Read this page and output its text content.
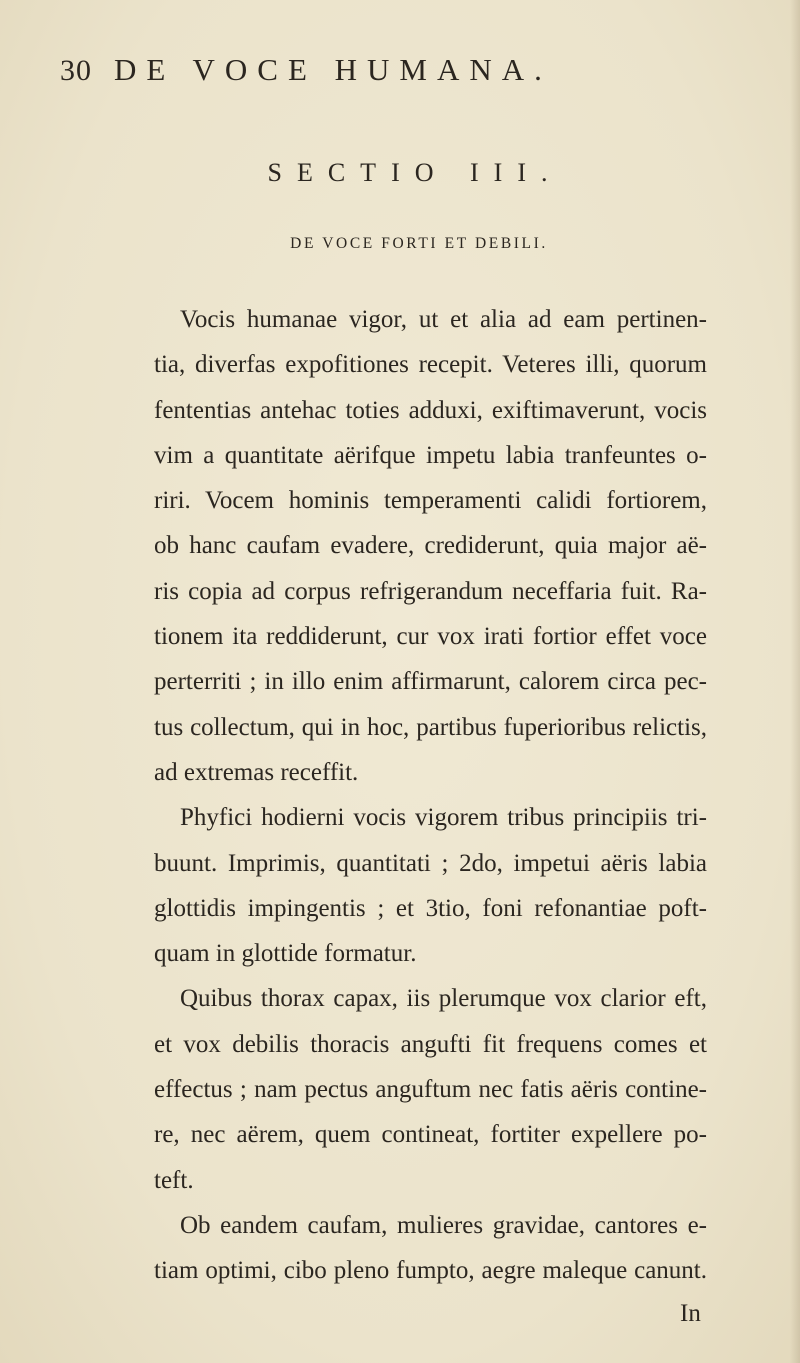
30 DE VOCE HUMANA.
SECTIO III.
DE VOCE FORTI ET DEBILI.
Vocis humanae vigor, ut et alia ad eam pertinen-
tia, diverfas expofitiones recepit. Veteres illi, quorum
fententias antehac toties adduxi, exiftimaverunt, vocis
vim a quantitate aërifque impetu labia tranfeuntes o-
riri. Vocem hominis temperamenti calidi fortiorem,
ob hanc caufam evadere, crediderunt, quia major aë-
ris copia ad corpus refrigerandum neceffaria fuit. Ra-
tionem ita reddiderunt, cur vox irati fortior effet voce
perterriti ; in illo enim affirmarunt, calorem circa pec-
tus collectum, qui in hoc, partibus fuperioribus relictis,
ad extremas receffit.
Phyfici hodierni vocis vigorem tribus principiis tri-
buunt. Imprimis, quantitati ; 2do, impetui aëris labia
glottidis impingentis ; et 3tio, foni refonantiae poft-
quam in glottide formatur.
Quibus thorax capax, iis plerumque vox clarior eft,
et vox debilis thoracis angufti fit frequens comes et
effectus ; nam pectus anguftum nec fatis aëris contine-
re, nec aërem, quem contineat, fortiter expellere po-
teft.
Ob eandem caufam, mulieres gravidae, cantores e-
tiam optimi, cibo pleno fumpto, aegre maleque canunt.
In
